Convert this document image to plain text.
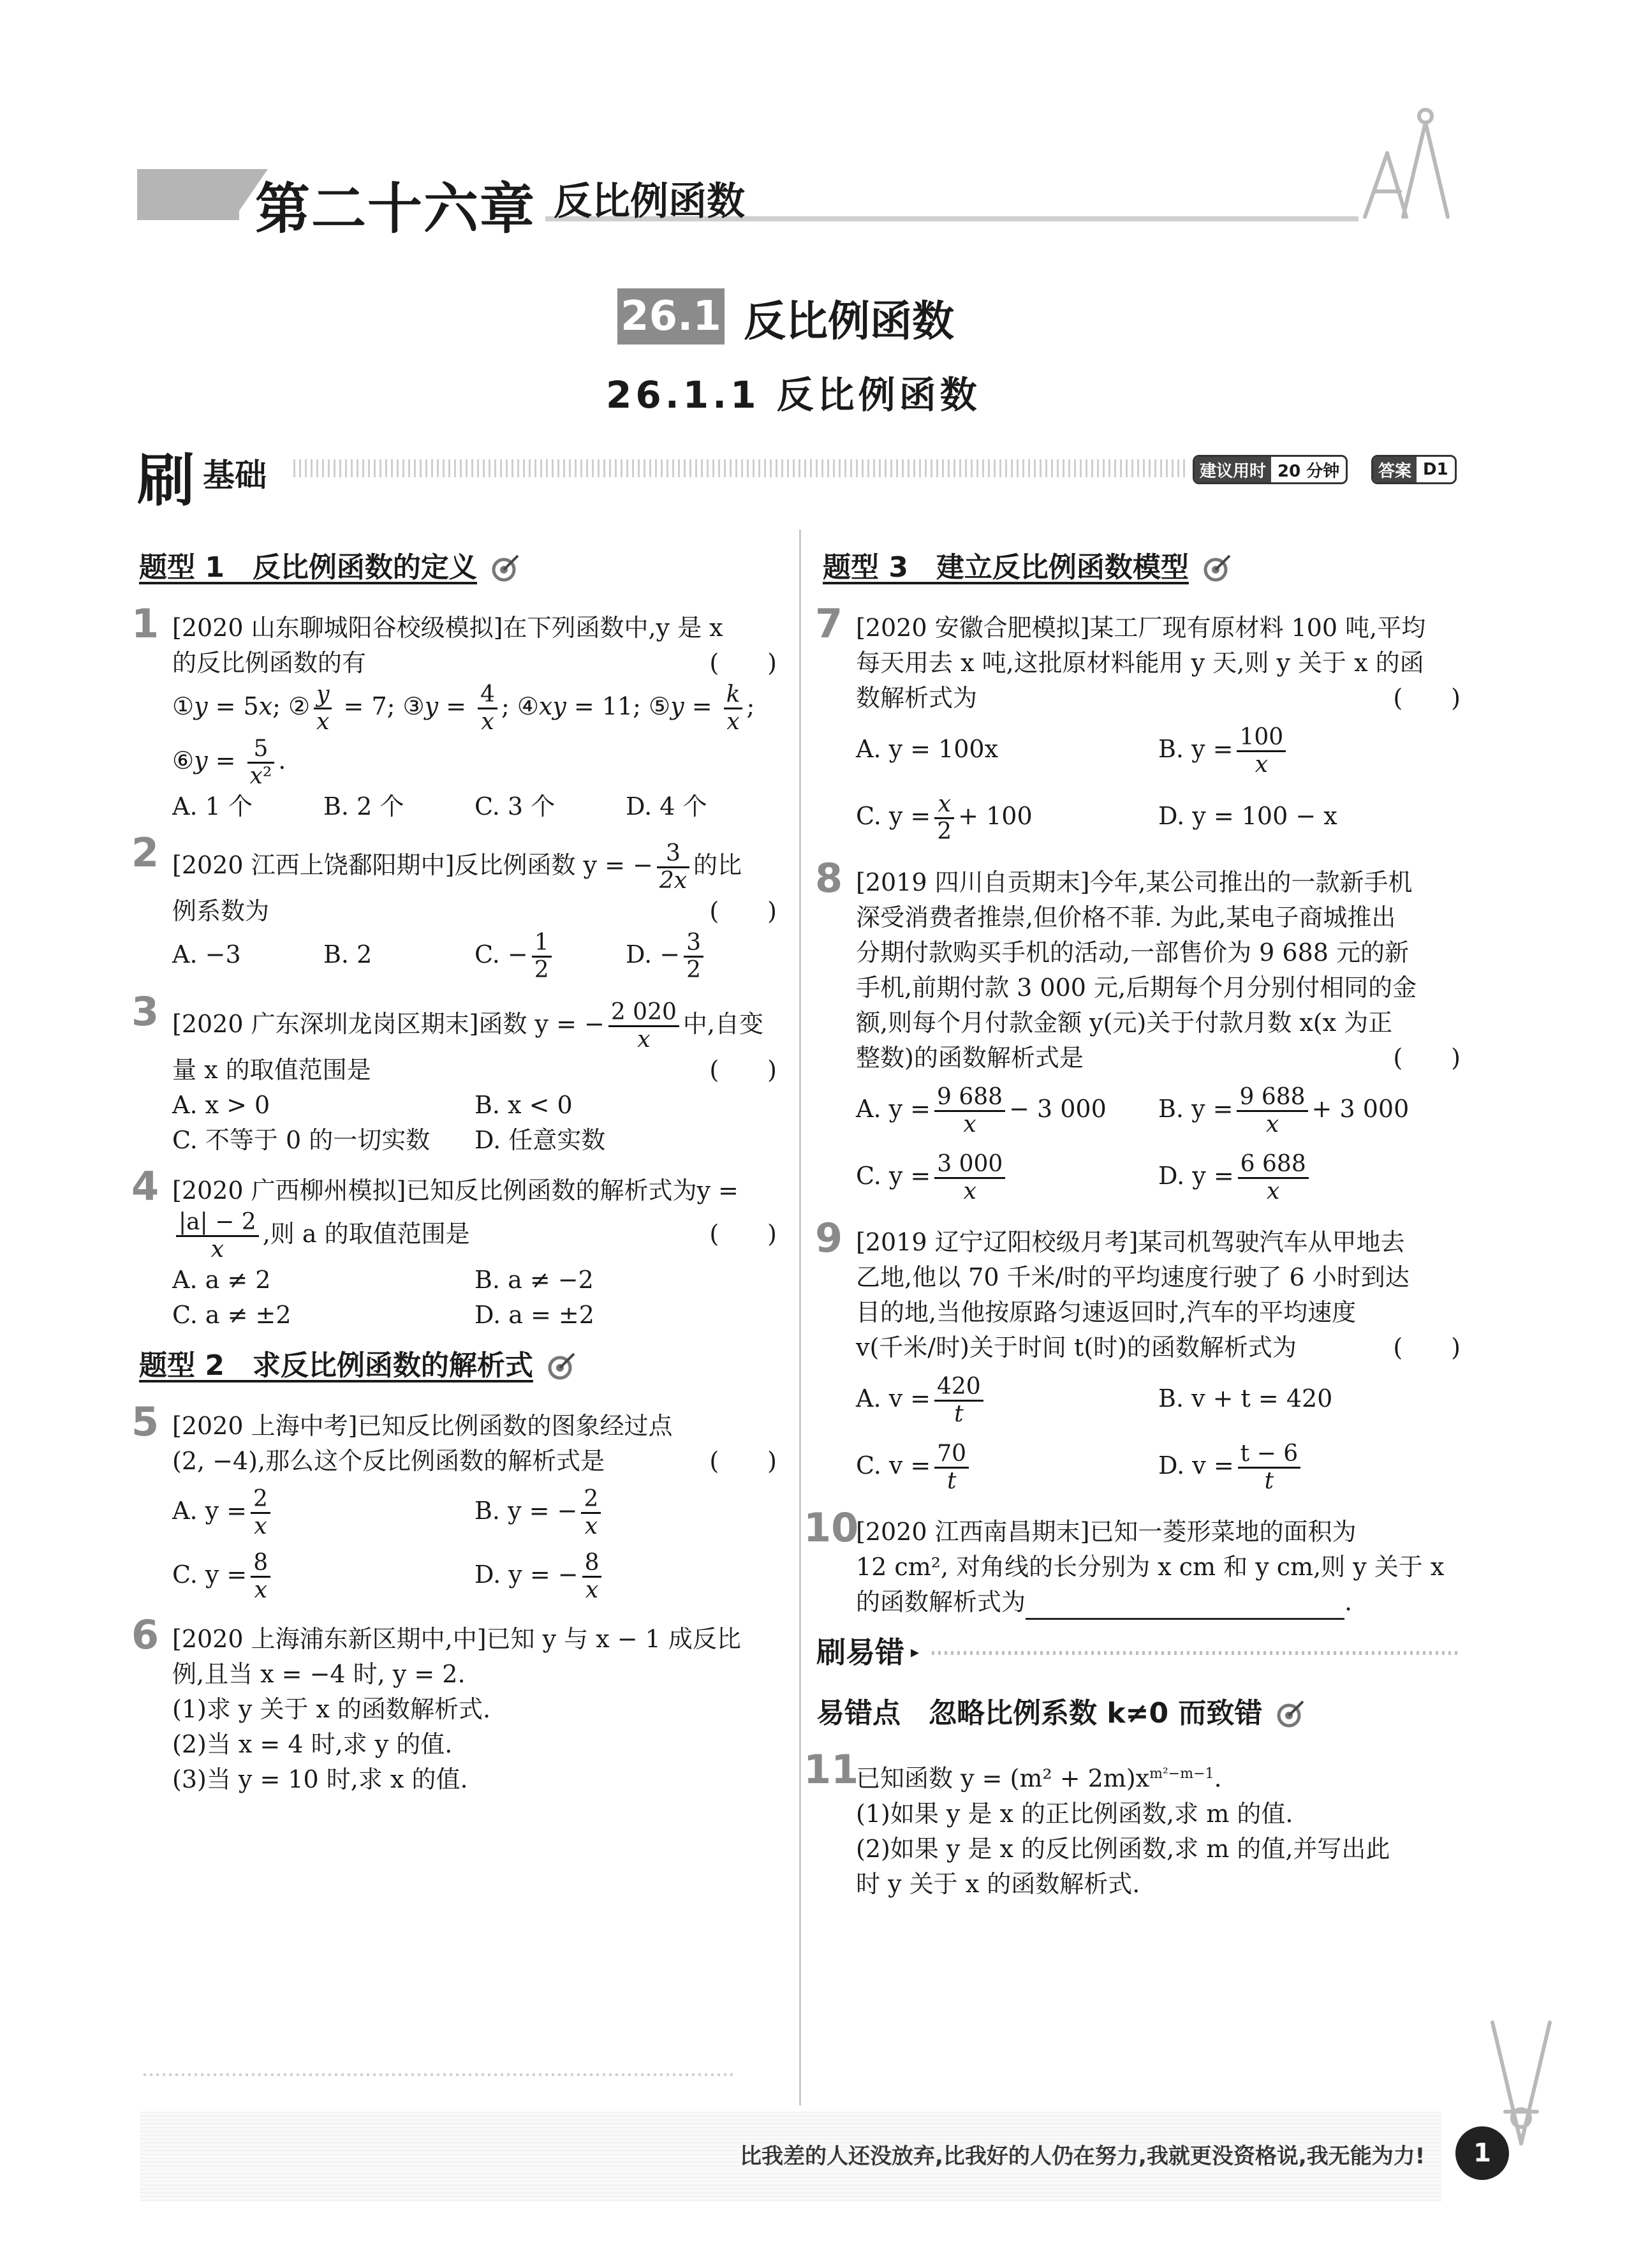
第二十六章 反比例函数
26.1 反比例函数
26.1.1 反比例函数
刷 基础	建议用时 20 分钟	答案 D1
题型 1　反比例函数的定义
1 [2020 山东聊城阳谷校级模拟]在下列函数中,y 是 x
的反比例函数的有	(　　)
①y = 5x; ② $\frac{y}{x} = 7$; ③y = $\frac{4}{x}$ ; ④xy = 11; ⑤y = $\frac{k}{x}$ ;
⑥y = $\frac{5}{\text{x²}}$ .
A. 1 个	B. 2 个	C. 3 个	D. 4 个
2 [2020 江西上饶鄱阳期中]反比例函数 y = − $\frac{3}{2x}$ 的比
例系数为	(　　)
A. −3	B. 2	C. − $\frac{1}{2}$	D. − $\frac{3}{2}$
3 [2020 广东深圳龙岗区期末]函数 y = − $\frac{2 020}{x}$ 中,自变
量 x 的取值范围是	(　　)
A. x > 0	B. x < 0
C. 不等于 0 的一切实数	D. 任意实数
4 [2020 广西柳州模拟]已知反比例函数的解析式为y =
$\frac{|a| - 2}{x}$ ,则 a 的取值范围是	(　　)
A. a ≠ 2	B. a ≠ −2
C. a ≠ ±2	D. a = ±2
题型 2　求反比例函数的解析式
5 [2020 上海中考]已知反比例函数的图象经过点
(2, −4),那么这个反比例函数的解析式是	(　　)
A. $y = \frac{2}{x}$	B. y = − $\frac{2}{x}$
C. $y = \frac{8}{x}$	D. y = − $\frac{8}{x}$
6 [2020 上海浦东新区期中,中]已知 y 与 x − 1 成反比
例,且当 x = −4 时, y = 2.
(1)求 y 关于 x 的函数解析式.
(2)当 x = 4 时,求 y 的值.
(3)当 y = 10 时,求 x 的值.
题型 3　建立反比例函数模型
7 [2020 安徽合肥模拟]某工厂现有原材料 100 吨,平均
每天用去 x 吨,这批原材料能用 y 天,则 y 关于 x 的函
数解析式为	(　　)
A. y = 100x	B. $y = \frac{100}{x}$
C. $y = \frac{x}{2} + 100$	D. y = 100 − x
8 [2019 四川自贡期末]今年,某公司推出的一款新手机
深受消费者推崇,但价格不菲. 为此,某电子商城推出
分期付款购买手机的活动,一部售价为 9 688 元的新
手机,前期付款 3 000 元,后期每个月分别付相同的金
额,则每个月付款金额 y(元)关于付款月数 x(x 为正
整数)的函数解析式是	(　　)
A. $y = \frac{9 688}{x} - 3$ 000	B. $y = \frac{9 688}{x} + 3$ 000
C. $y = \frac{3 000}{x}$	D. $y = \frac{6 688}{x}$
9 [2019 辽宁辽阳校级月考]某司机驾驶汽车从甲地去
乙地,他以 70 千米/时的平均速度行驶了 6 小时到达
目的地,当他按原路匀速返回时,汽车的平均速度
v(千米/时)关于时间 t(时)的函数解析式为	(　　)
A. $v = \frac{420}{t}$	B. v + t = 420
C. $v = \frac{70}{t}$	D. $v = \frac{t - 6}{t}$
10
[2020 江西南昌期末]已知一菱形菜地的面积为
12 cm², 对角线的长分别为 x cm 和 y cm,则 y 关于 x
的函数解析式为	.
刷易错 ▸
易错点　忽略比例系数 k≠0 而致错
11
已知函数 $y = (m^2 + 2m)x^{m^2-m-1}$.
(1)如果 y 是 x 的正比例函数,求 m 的值.
(2)如果 y 是 x 的反比例函数,求 m 的值,并写出此
时 y 关于 x 的函数解析式.
比我差的人还没放弃,比我好的人仍在努力,我就更没资格说,我无能为力!	1
